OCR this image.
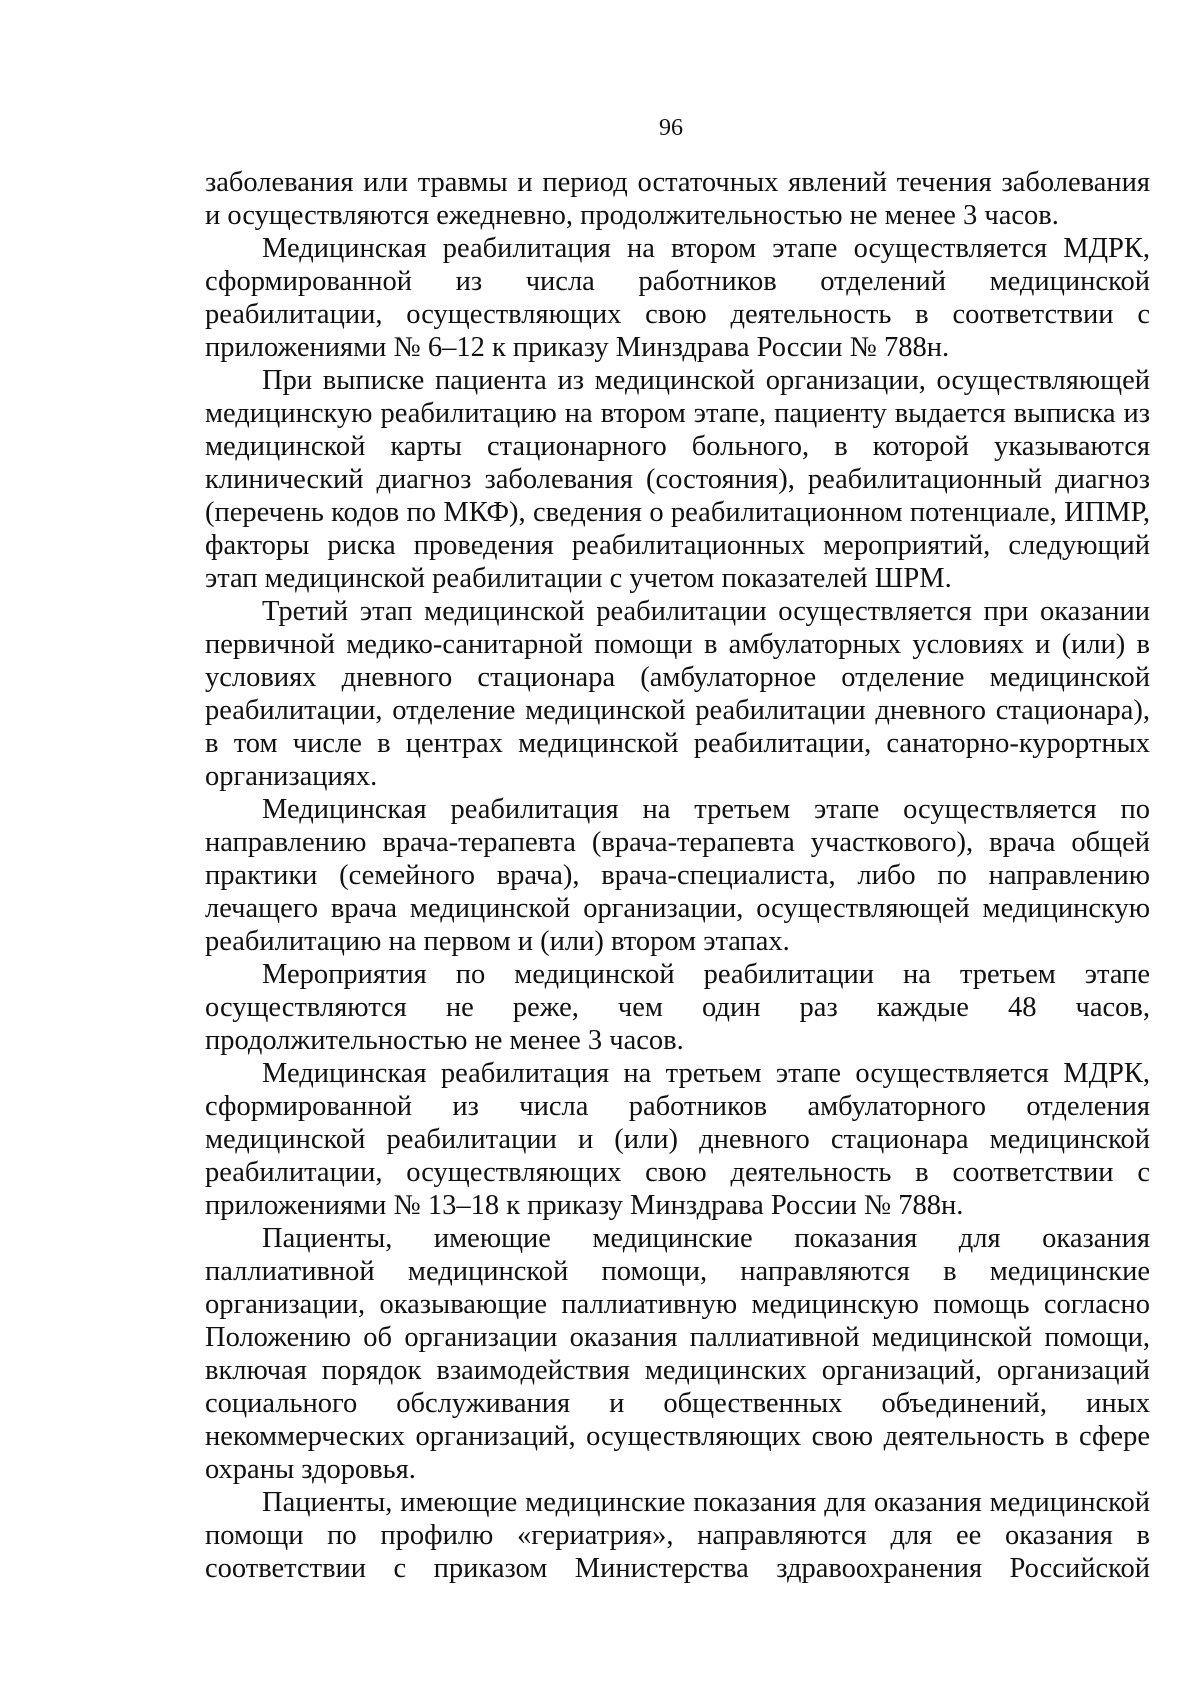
96

заболевания или травмы и период остаточных явлений течения заболевания и осуществляются ежедневно, продолжительностью не менее 3 часов.

Медицинская реабилитация на втором этапе осуществляется МДРК, сформированной из числа работников отделений медицинской реабилитации, осуществляющих свою деятельность в соответствии с приложениями № 6–12 к приказу Минздрава России № 788н.

При выписке пациента из медицинской организации, осуществляющей медицинскую реабилитацию на втором этапе, пациенту выдается выписка из медицинской карты стационарного больного, в которой указываются клинический диагноз заболевания (состояния), реабилитационный диагноз (перечень кодов по МКФ), сведения о реабилитационном потенциале, ИПМР, факторы риска проведения реабилитационных мероприятий, следующий этап медицинской реабилитации с учетом показателей ШРМ.

Третий этап медицинской реабилитации осуществляется при оказании первичной медико-санитарной помощи в амбулаторных условиях и (или) в условиях дневного стационара (амбулаторное отделение медицинской реабилитации, отделение медицинской реабилитации дневного стационара), в том числе в центрах медицинской реабилитации, санаторно-курортных организациях.

Медицинская реабилитация на третьем этапе осуществляется по направлению врача-терапевта (врача-терапевта участкового), врача общей практики (семейного врача), врача-специалиста, либо по направлению лечащего врача медицинской организации, осуществляющей медицинскую реабилитацию на первом и (или) втором этапах.

Мероприятия по медицинской реабилитации на третьем этапе осуществляются не реже, чем один раз каждые 48 часов, продолжительностью не менее 3 часов.

Медицинская реабилитация на третьем этапе осуществляется МДРК, сформированной из числа работников амбулаторного отделения медицинской реабилитации и (или) дневного стационара медицинской реабилитации, осуществляющих свою деятельность в соответствии с приложениями № 13–18 к приказу Минздрава России № 788н.

Пациенты, имеющие медицинские показания для оказания паллиативной медицинской помощи, направляются в медицинские организации, оказывающие паллиативную медицинскую помощь согласно Положению об организации оказания паллиативной медицинской помощи, включая порядок взаимодействия медицинских организаций, организаций социального обслуживания и общественных объединений, иных некоммерческих организаций, осуществляющих свою деятельность в сфере охраны здоровья.

Пациенты, имеющие медицинские показания для оказания медицинской помощи по профилю «гериатрия», направляются для ее оказания в соответствии с приказом Министерства здравоохранения Российской
